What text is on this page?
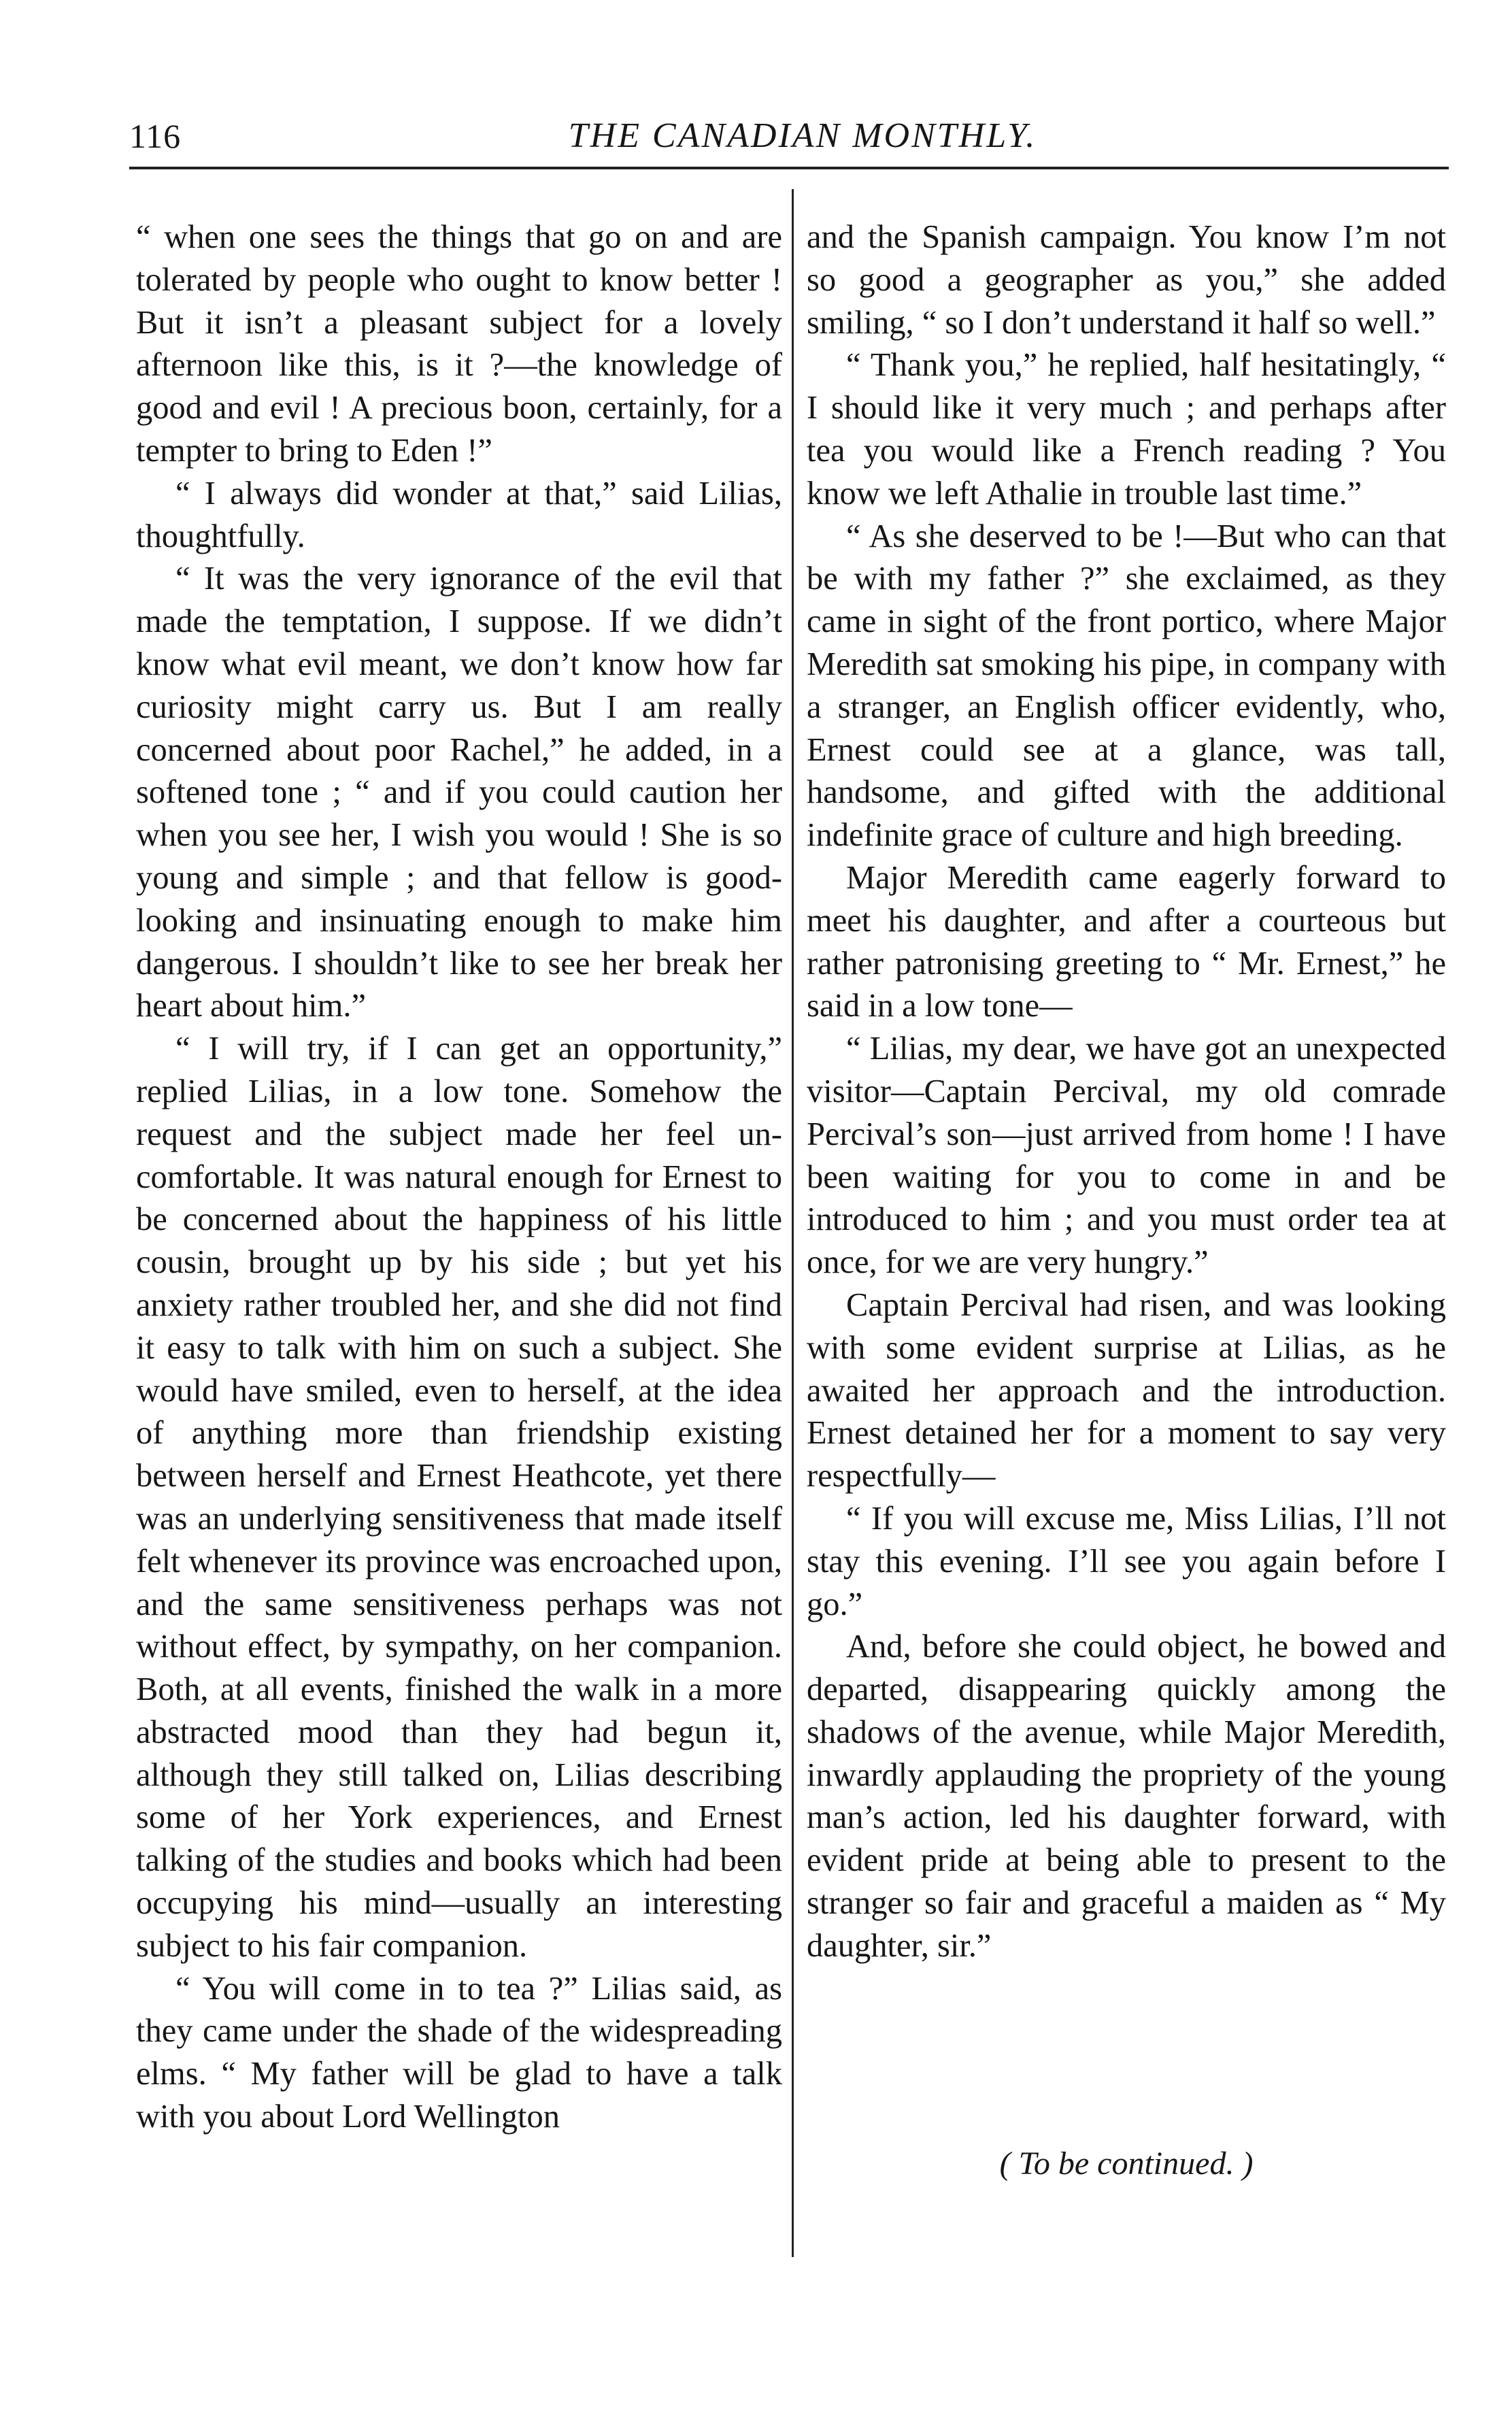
116	THE CANADIAN MONTHLY.

“ when one sees the things that go on and are tolerated by people who ought to know better ! But it isn’t a pleasant subject for a lovely afternoon like this, is it ?—the knowledge of good and evil ! A precious boon, certainly, for a tempter to bring to Eden !”

“ I always did wonder at that,” said Lilias, thoughtfully.

“ It was the very ignorance of the evil that made the temptation, I suppose. If we didn’t know what evil meant, we don’t know how far curiosity might carry us. But I am really concerned about poor Rachel,” he added, in a softened tone ; “ and if you could caution her when you see her, I wish you would ! She is so young and simple ; and that fellow is good-looking and insinuating enough to make him dangerous. I shouldn’t like to see her break her heart about him.”

“ I will try, if I can get an opportunity,” replied Lilias, in a low tone. Somehow the request and the subject made her feel uncomfortable. It was natural enough for Ernest to be concerned about the happiness of his little cousin, brought up by his side ; but yet his anxiety rather troubled her, and she did not find it easy to talk with him on such a subject. She would have smiled, even to herself, at the idea of anything more than friendship existing between herself and Ernest Heathcote, yet there was an underlying sensitiveness that made itself felt whenever its province was encroached upon, and the same sensitiveness perhaps was not without effect, by sympathy, on her companion. Both, at all events, finished the walk in a more abstracted mood than they had begun it, although they still talked on, Lilias describing some of her York experiences, and Ernest talking of the studies and books which had been occupying his mind—usually an interesting subject to his fair companion.

“ You will come in to tea ?” Lilias said, as they came under the shade of the widespreading elms. “ My father will be glad to have a talk with you about Lord Wellington

and the Spanish campaign. You know I’m not so good a geographer as you,” she added smiling, “ so I don’t understand it half so well.”

“ Thank you,” he replied, half hesitatingly, “ I should like it very much ; and perhaps after tea you would like a French reading ? You know we left Athalie in trouble last time.”

“ As she deserved to be !—But who can that be with my father ?” she exclaimed, as they came in sight of the front portico, where Major Meredith sat smoking his pipe, in company with a stranger, an English officer evidently, who, Ernest could see at a glance, was tall, handsome, and gifted with the additional indefinite grace of culture and high breeding.

Major Meredith came eagerly forward to meet his daughter, and after a courteous but rather patronising greeting to “ Mr. Ernest,” he said in a low tone—

“ Lilias, my dear, we have got an unexpected visitor—Captain Percival, my old comrade Percival’s son—just arrived from home ! I have been waiting for you to come in and be introduced to him ; and you must order tea at once, for we are very hungry.”

Captain Percival had risen, and was looking with some evident surprise at Lilias, as he awaited her approach and the introduction. Ernest detained her for a moment to say very respectfully—

“ If you will excuse me, Miss Lilias, I’ll not stay this evening. I’ll see you again before I go.”

And, before she could object, he bowed and departed, disappearing quickly among the shadows of the avenue, while Major Meredith, inwardly applauding the propriety of the young man’s action, led his daughter forward, with evident pride at being able to present to the stranger so fair and graceful a maiden as “ My daughter, sir.”

( To be continued. )
